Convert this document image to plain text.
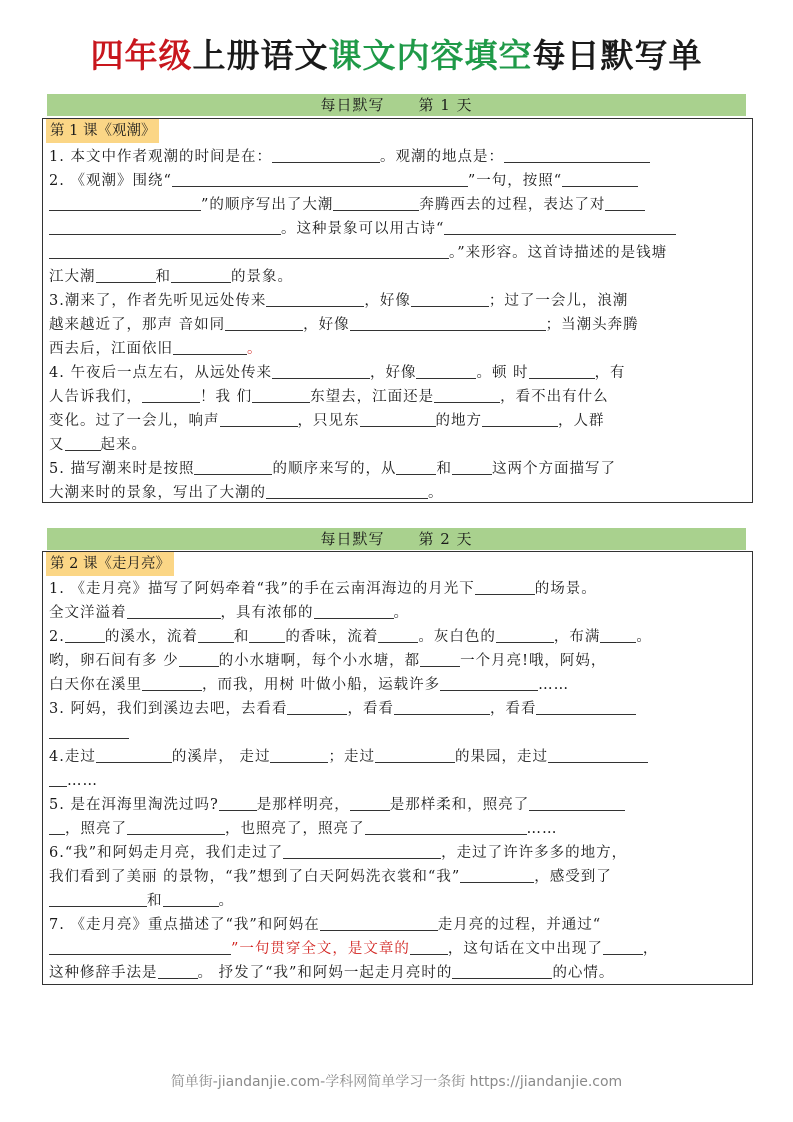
四年级上册语文课文内容填空每日默写单
每日默写 第 1 天
第 1 课《观潮》
1. 本文中作者观潮的时间是在：	。观潮的地点是：
2. 《观潮》围绕“	”一句，按照“
”的顺序写出了大潮	奔腾西去的过程，表达了对
。这种景象可以用古诗“
。”来形容。这首诗描述的是钱塘
江大潮	和	的景象。
3.潮来了，作者先听见远处传来	，好像	；过了一会儿，浪潮
越来越近了，那声 音如同	，好像	；当潮头奔腾
西去后，江面依旧	。
4. 午夜后一点左右，从远处传来	，好像	。顿 时	，有
人告诉我们，	！我 们	东望去，江面还是	，看不出有什么
变化。过了一会儿，响声	，只见东	的地方	，人群
又 起来。
5. 描写潮来时是按照	的顺序来写的，从	和	这两个方面描写了
大潮来时的景象，写出了大潮的	。
每日默写 第 2 天
第 2 课《走月亮》
1. 《走月亮》描写了阿妈牵着“我”的手在云南洱海边的月光下	的场景。
全文洋溢着	，具有浓郁的	。
2.	的溪水，流着 和 的香味，流着	。灰白色的	，布满 。
哟，卵石间有多 少	的小水塘啊，每个小水塘，都	一个月亮!哦，阿妈，
白天你在溪里	，而我，用树 叶做小船，运载许多	……
3. 阿妈，我们到溪边去吧，去看看	，看看	，看看
4.走过	的溪岸， 走过	；走过	的果园，走过
……
5. 是在洱海里淘洗过吗?	是那样明亮，	是那样柔和，照亮了
，照亮了	，也照亮了，照亮了	……
6.“我”和阿妈走月亮，我们走过了	，走过了许许多多的地方，
我们看到了美丽 的景物，“我”想到了白天阿妈洗衣裳和“我”	，感受到了
和	。
7. 《走月亮》重点描述了“我”和阿妈在	走月亮的过程，并通过“
”一句贯穿全文，是文章的	，这句话在文中出现了	，
这种修辞手法是	。 抒发了“我”和阿妈一起走月亮时的	的心情。
简单街-jiandanjie.com-学科网简单学习一条街 https://jiandanjie.com
